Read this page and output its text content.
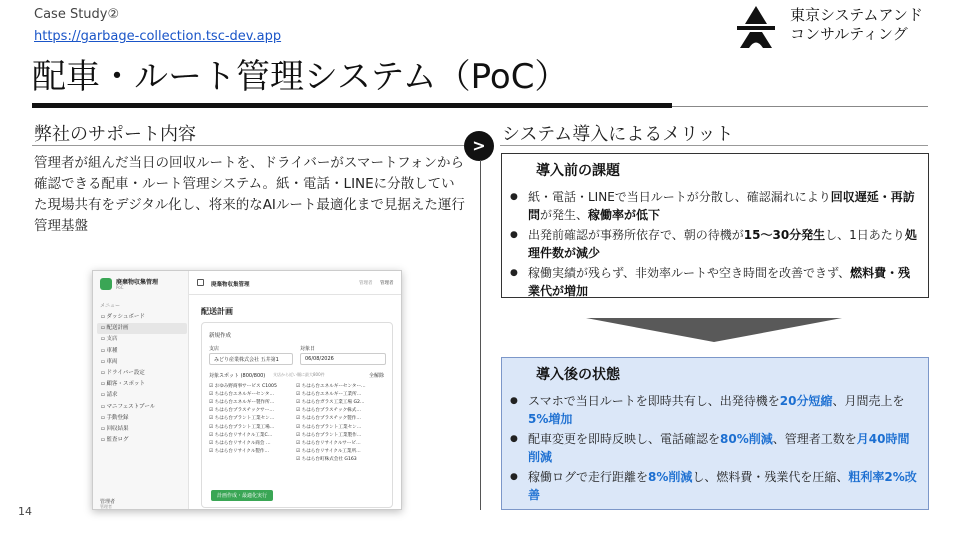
Case Study②
https://garbage-collection.tsc-dev.app
東京システムアンド
コンサルティング
配車・ルート管理システム（PoC）
弊社のサポート内容
管理者が組んだ当日の回収ルートを、ドライバーがスマートフォンから確認できる配車・ルート管理システム。紙・電話・LINEに分散していた現場共有をデジタル化し、将来的なAIルート最適化まで見据えた運行管理基盤
廃棄物収集管理
PoC
メニュー
▫ ダッシュボード
▫ 配送計画
▫ 支店
▫ 車種
▫ 車両
▫ ドライバー設定
▫ 顧客・スポット
▫ 請求
▫ マニフェストプール
▫ 手動登録
▫ 回収結果
▫ 監査ログ
管理者
管理者
廃棄物収集管理	管理者 管理者
配送計画
新規作成
支店
みどり産業株式会社 五井第1
対象日
06/08/2026
対象スポット (800/800) 支店から近い順に最大800件	全解除
☑ おゆみ野商事サービス C1005
☑ ちはら台エネルギーセンタ…
☑ ちはら台エネルギー製作所…
☑ ちはら台プラスチックサー…
☑ ちはら台プラント工業セン…
☑ ちはら台プラント工業工場…
☑ ちはら台リサイクル工業C…
☑ ちはら台リサイクル商会 …
☑ ちはら台リサイクル製作…
☑ ちはら台エネルギーセンター…
☑ ちはら台エネルギー工業所…
☑ ちはら台ガラス工業工場 G2…
☑ ちはら台プラスチック株式…
☑ ちはら台プラスチック製作…
☑ ちはら台プラント工業セン…
☑ ちはら台プラント工業製作…
☑ ちはら台リサイクルサービ…
☑ ちはら台リサイクル工業所…
☑ ちはら台町株式会社 G163
計画作成・最適化実行
14
>
システム導入によるメリット
導入前の課題
● 紙・電話・LINEで当日ルートが分散し、確認漏れにより回収遅延・再訪問が発生、稼働率が低下
● 出発前確認が事務所依存で、朝の待機が15〜30分発生し、1日あたり処理件数が減少
● 稼働実績が残らず、非効率ルートや空き時間を改善できず、燃料費・残業代が増加
導入後の状態
● スマホで当日ルートを即時共有し、出発待機を20分短縮、月間売上を5%増加
● 配車変更を即時反映し、電話確認を80%削減、管理者工数を月40時間削減
● 稼働ログで走行距離を8%削減し、燃料費・残業代を圧縮、粗利率2%改善
